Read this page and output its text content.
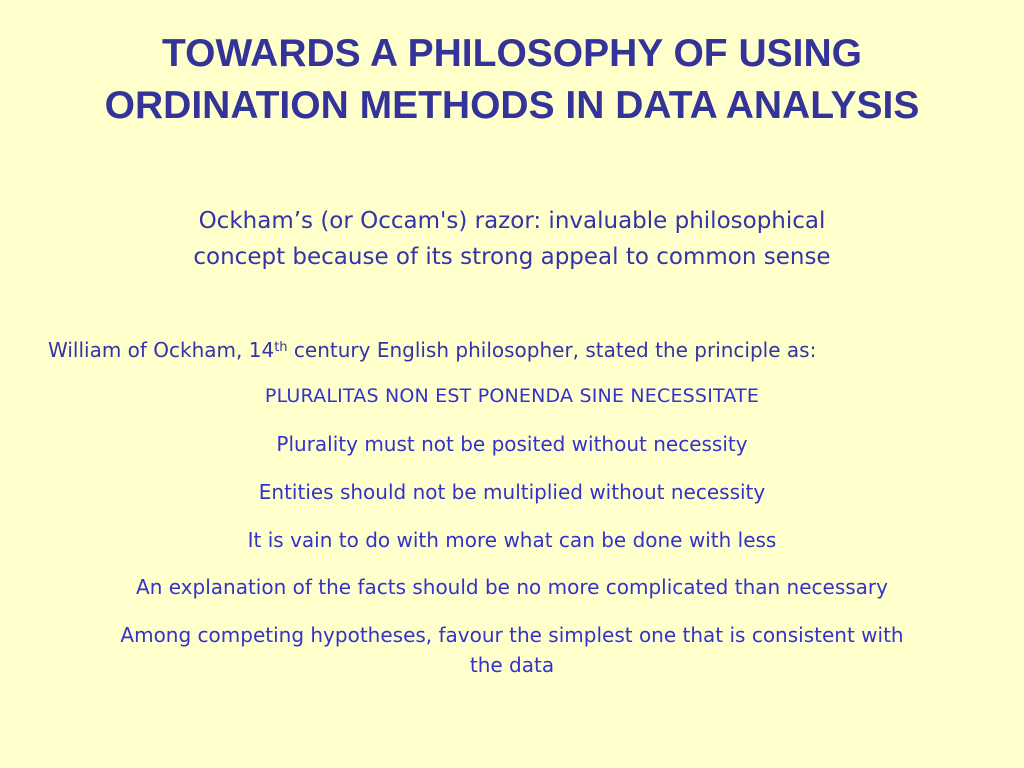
TOWARDS A PHILOSOPHY OF USING
ORDINATION METHODS IN DATA ANALYSIS
Ockham’s (or Occam's) razor: invaluable philosophical
concept because of its strong appeal to common sense
William of Ockham, 14th century English philosopher, stated the principle as:
PLURALITAS NON EST PONENDA SINE NECESSITATE
Plurality must not be posited without necessity
Entities should not be multiplied without necessity
It is vain to do with more what can be done with less
An explanation of the facts should be no more complicated than necessary
Among competing hypotheses, favour the simplest one that is consistent with
the data
